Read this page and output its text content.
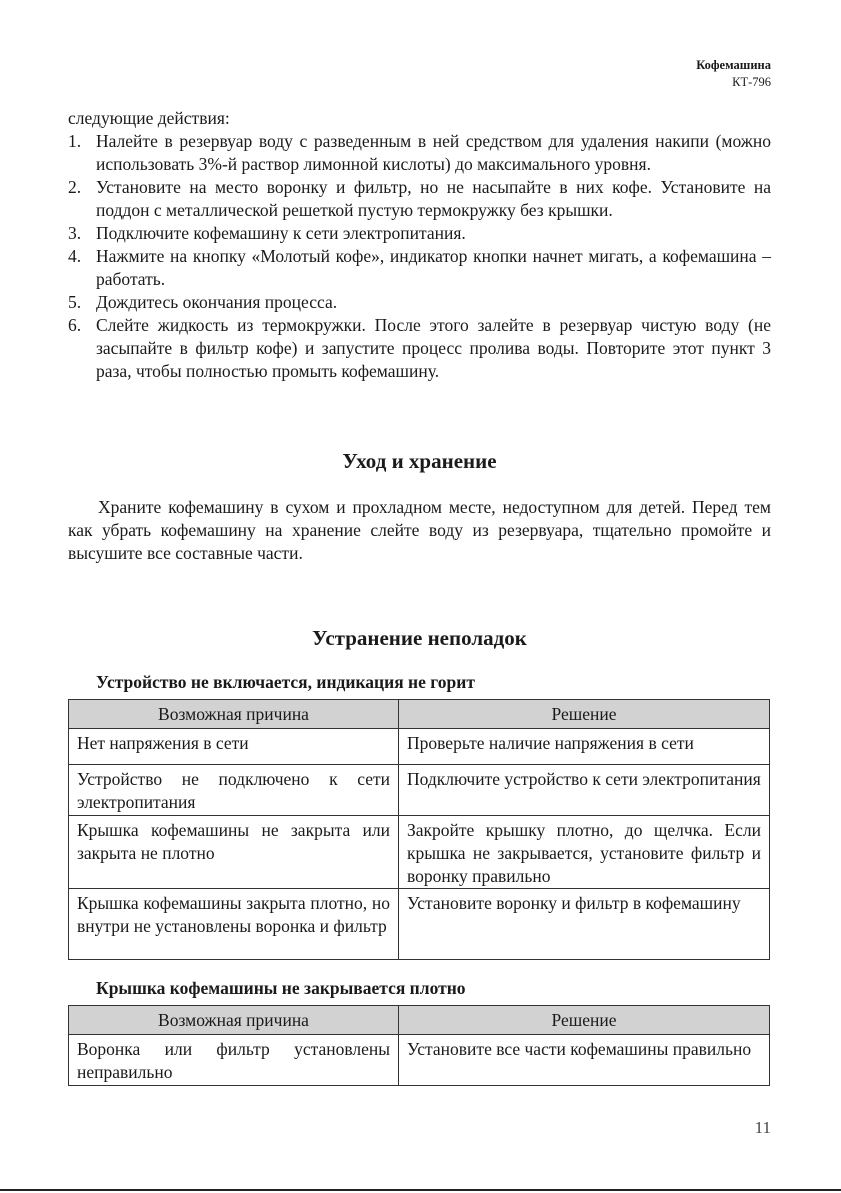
Кофемашина
КТ-796

следующие действия:

1. Налейте в резервуар воду с разведенным в ней средством для удаления накипи (можно использовать 3%-й раствор лимонной кислоты) до максимального уровня.
2. Установите на место воронку и фильтр, но не насыпайте в них кофе. Установите на поддон с металлической решеткой пустую термокружку без крышки.
3. Подключите кофемашину к сети электропитания.
4. Нажмите на кнопку «Молотый кофе», индикатор кнопки начнет мигать, а кофемашина – работать.
5. Дождитесь окончания процесса.
6. Слейте жидкость из термокружки. После этого залейте в резервуар чистую воду (не засыпайте в фильтр кофе) и запустите процесс пролива воды. Повторите этот пункт 3 раза, чтобы полностью промыть кофемашину.
Уход и хранение

Храните кофемашину в сухом и прохладном месте, недоступном для детей. Перед тем как убрать кофемашину на хранение слейте воду из резервуара, тщательно промойте и высушите все составные части.

Устранение неполадок
Устройство не включается, индикация не горит
Возможная причина	Решение
Нет напряжения в сети	Проверьте наличие напряжения в сети
Устройство не подключено к сети электропитания	Подключите устройство к сети электропитания
Крышка кофемашины не закрыта или закрыта не плотно	Закройте крышку плотно, до щелчка. Если крышка не закрывается, установите фильтр и воронку правильно
Крышка кофемашины закрыта плотно, но внутри не установлены воронка и фильтр	Установите воронку и фильтр в кофемашину
Крышка кофемашины не закрывается плотно
Возможная причина	Решение
Воронка или фильтр установлены неправильно	Установите все части кофемашины правильно
11
